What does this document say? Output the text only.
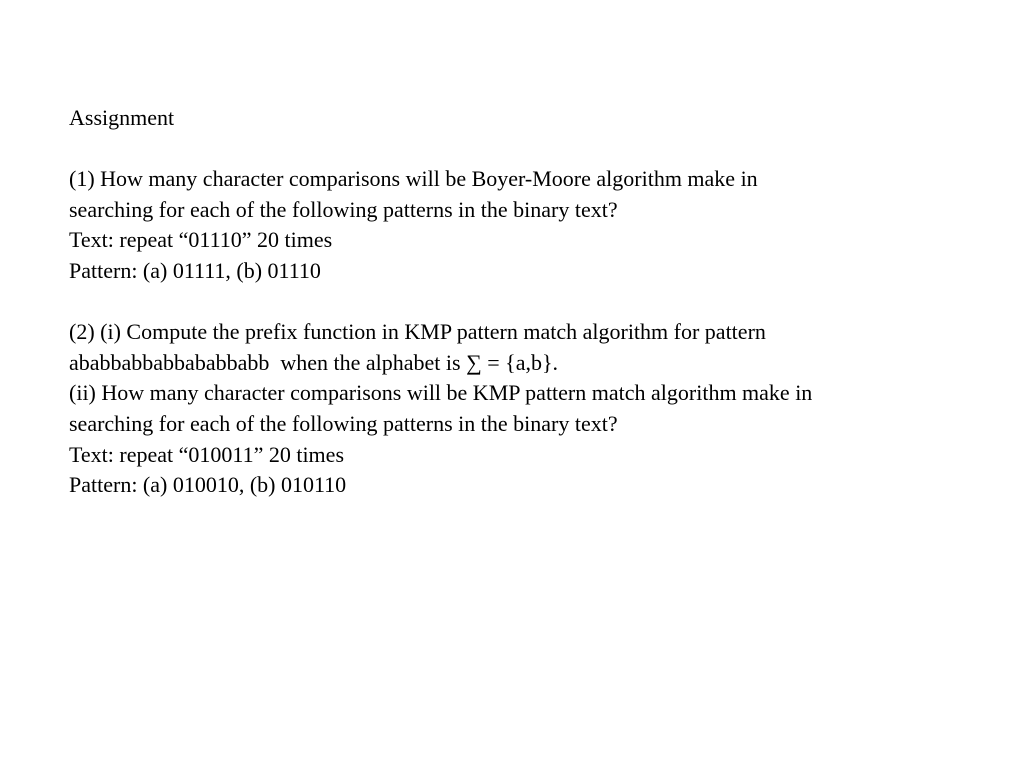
Assignment
(1) How many character comparisons will be Boyer-Moore algorithm make in
searching for each of the following patterns in the binary text?
Text: repeat “01110” 20 times
Pattern: (a) 01111, (b) 01110
(2) (i) Compute the prefix function in KMP pattern match algorithm for pattern
ababbabbabbababbabb  when the alphabet is ∑ = {a,b}.
(ii) How many character comparisons will be KMP pattern match algorithm make in
searching for each of the following patterns in the binary text?
Text: repeat “010011” 20 times
Pattern: (a) 010010, (b) 010110
